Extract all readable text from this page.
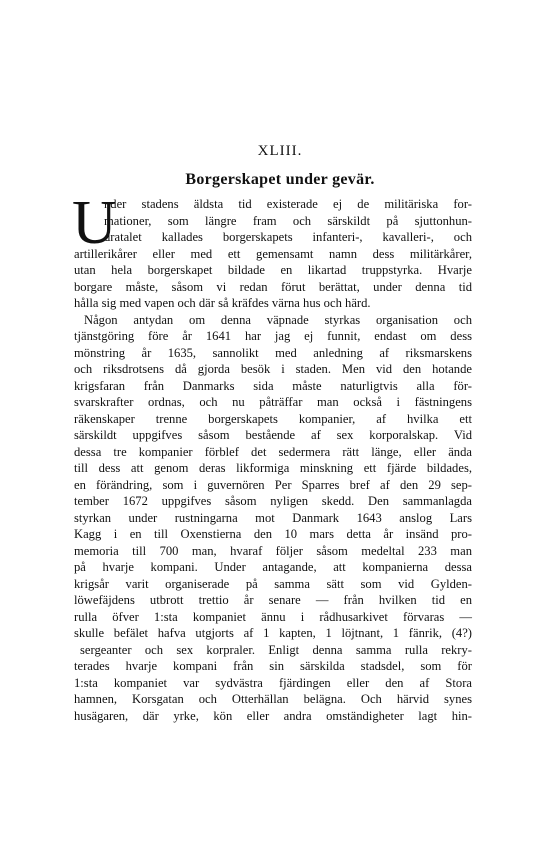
XLIII.
Borgerskapet under gevär.
U
nder stadens äldsta tid existerade ej de militäriska for-
mationer, som längre fram och särskildt på sjuttonhun-
dratalet kallades borgerskapets infanteri-, kavalleri-, och
artillerikårer eller med ett gemensamt namn dess militärkårer,
utan hela borgerskapet bildade en likartad truppstyrka. Hvarje
borgare måste, såsom vi redan förut berättat, under denna tid
hålla sig med vapen och där så kräfdes värna hus och härd.
Någon antydan om denna väpnade styrkas organisation och
tjänstgöring före år 1641 har jag ej funnit, endast om dess
mönstring år 1635, sannolikt med anledning af riksmarskens
och riksdrotsens då gjorda besök i staden. Men vid den hotande
krigsfaran från Danmarks sida måste naturligtvis alla för-
svarskrafter ordnas, och nu påträffar man också i fästningens
räkenskaper trenne borgerskapets kompanier, af hvilka ett
särskildt uppgifves såsom bestående af sex korporalskap. Vid
dessa tre kompanier förblef det sedermera rätt länge, eller ända
till dess att genom deras likformiga minskning ett fjärde bildades,
en förändring, som i guvernören Per Sparres bref af den 29 sep-
tember 1672 uppgifves såsom nyligen skedd. Den sammanlagda
styrkan under rustningarna mot Danmark 1643 anslog Lars
Kagg i en till Oxenstierna den 10 mars detta år insänd pro-
memoria till 700 man, hvaraf följer såsom medeltal 233 man
på hvarje kompani. Under antagande, att kompanierna dessa
krigsår varit organiserade på samma sätt som vid Gylden-
löwefäjdens utbrott trettio år senare — från hvilken tid en
rulla öfver 1:sta kompaniet ännu i rådhusarkivet förvaras —
skulle befälet hafva utgjorts af 1 kapten, 1 löjtnant, 1 fänrik, (4?)
sergeanter och sex korpraler. Enligt denna samma rulla rekry-
terades hvarje kompani från sin särskilda stadsdel, som för
1:sta kompaniet var sydvästra fjärdingen eller den af Stora
hamnen, Korsgatan och Otterhällan belägna. Och härvid synes
husägaren, där yrke, kön eller andra omständigheter lagt hin-
